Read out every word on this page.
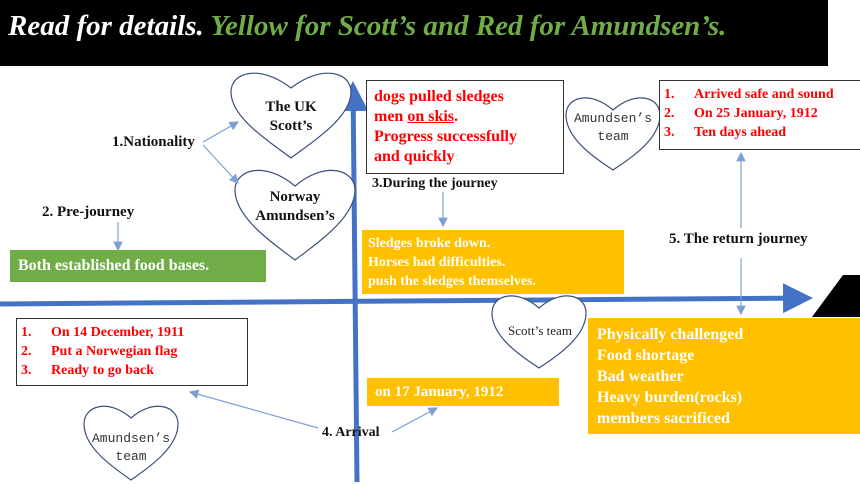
Read for details. Yellow for Scott’s and Red for Amundsen’s.
1.Nationality
The UK
Scott’s
Norway
Amundsen’s
2. Pre-journey
Both established food bases.
dogs pulled sledges
men on skis.
Progress successfully
and quickly
3.During the journey
Sledges broke down.
Horses had difficulties.
push the sledges themselves.
Amundsen’s
team
1. Arrived safe and sound
2. On 25 January, 1912
3. Ten days ahead
5. The return journey
Physically challenged
Food shortage
Bad weather
Heavy burden(rocks)
members sacrificed
Scott’s team
1. On 14 December, 1911
2. Put a Norwegian flag
3. Ready to go back
on 17 January, 1912
4. Arrival
Amundsen’s
team
